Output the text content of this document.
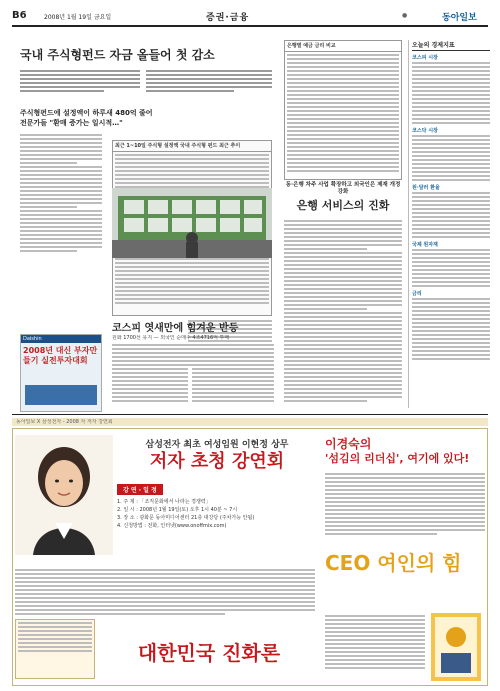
B6	2008년 1월 19일 금요일	증권·금융	●	동아일보
국내 주식형펀드 자금 올들어 첫 감소
주식형펀드에 설정액이 하루새 480억 줄어
전문가들 "환매 증가는 일시적…"
최근 1~10일 주식형 설정액 국내 주식형 펀드 최근 추이
Daishin
2008년 대신 부자만들기 실전투자대회
코스피 엿새만에 힘겨운 반등
원화 1700선 유지 — 외국인 순매수 4조4716억 투매
은행별 예금 금리 비교
동·은행 차주 사업 확장하고 외국인은 제재 개정 강화
은행 서비스의 진화
오늘의 경제지표
코스피 시장
코스닥 시장
원·달러 환율
국제 원자재
금리
동아일보 X 삼성전자 - 2008 자 저자 강연회
삼성전자 최초 여성임원 이현정 상무
저자 초청 강연회
강 연 · 일 정
1. 주 제 : 「조직문화에서 나라는 경쟁력」
2. 일 시 : 2008년 1월 19일(토) 오후 1시 40분 ~ 7시
3. 장 소 : 광화문 동아미디어센터 21층 대강당 (주차가능 안됨)
4. 신청방법 : 전화, 인터넷(www.onoffmix.com)
대한민국 진화론
이경숙의
'섬김의 리더십', 여기에 있다!
CEO 여인의 힘
